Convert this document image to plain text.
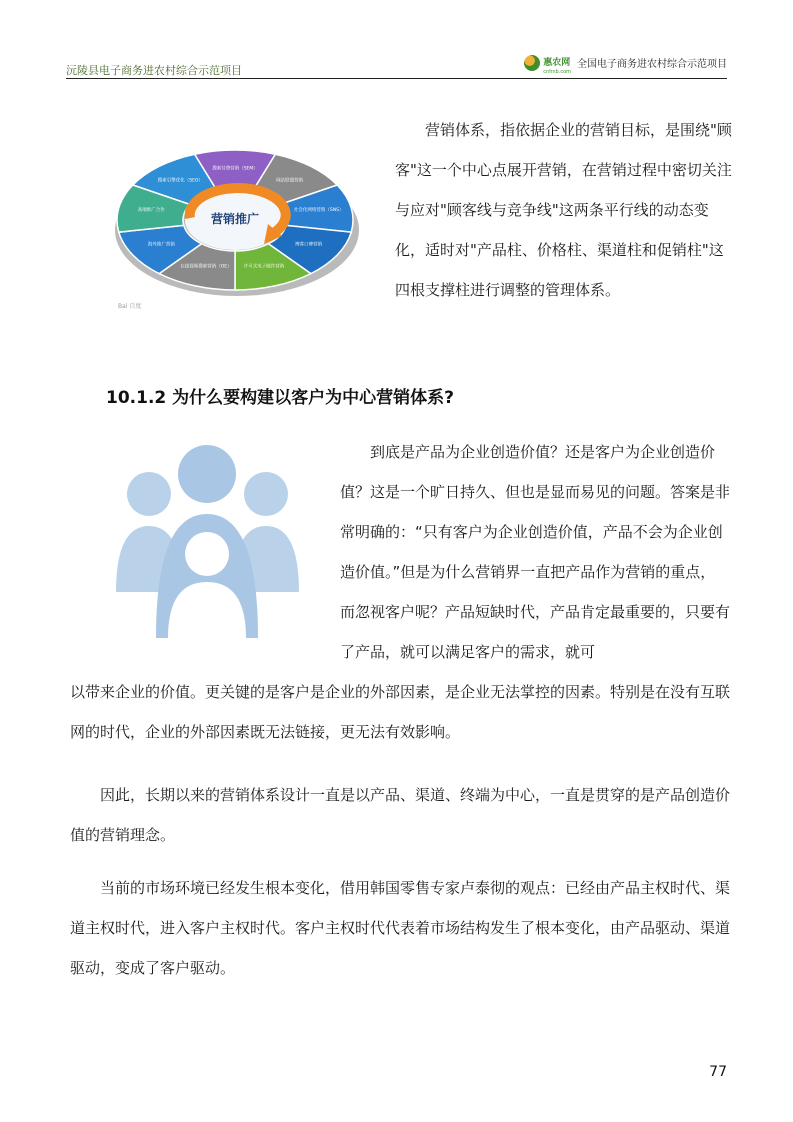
沅陵县电子商务进农村综合示范项目
惠农网
cnhnb.com
全国电子商务进农村综合示范项目
搜索引擎优化（SEO）
搜索付费营销（SEM）
网站联盟营销
社会化网络营销（SNS）
博客口碑营销
许可式电子邮件营销
在线视频搜索营销（OE）
海外推广营销
高端推广合作
营销推广
Bai 百度

营销体系，指依据企业的营销目标，是围绕"顾客"这一个中心点展开营销，在营销过程中密切关注与应对"顾客线与竞争线"这两条平行线的动态变化，适时对"产品柱、价格柱、渠道柱和促销柱"这四根支撑柱进行调整的管理体系。

10.1.2 为什么要构建以客户为中心营销体系?

到底是产品为企业创造价值？还是客户为企业创造价值？这是一个旷日持久、但也是显而易见的问题。答案是非常明确的：“只有客户为企业创造价值，产品不会为企业创造价值。”但是为什么营销界一直把产品作为营销的重点，而忽视客户呢？产品短缺时代，产品肯定最重要的，只要有了产品，就可以满足客户的需求，就可

以带来企业的价值。更关键的是客户是企业的外部因素，是企业无法掌控的因素。特别是在没有互联网的时代，企业的外部因素既无法链接，更无法有效影响。

因此，长期以来的营销体系设计一直是以产品、渠道、终端为中心，一直是贯穿的是产品创造价值的营销理念。

当前的市场环境已经发生根本变化，借用韩国零售专家卢泰彻的观点：已经由产品主权时代、渠道主权时代，进入客户主权时代。客户主权时代代表着市场结构发生了根本变化，由产品驱动、渠道驱动，变成了客户驱动。

77
